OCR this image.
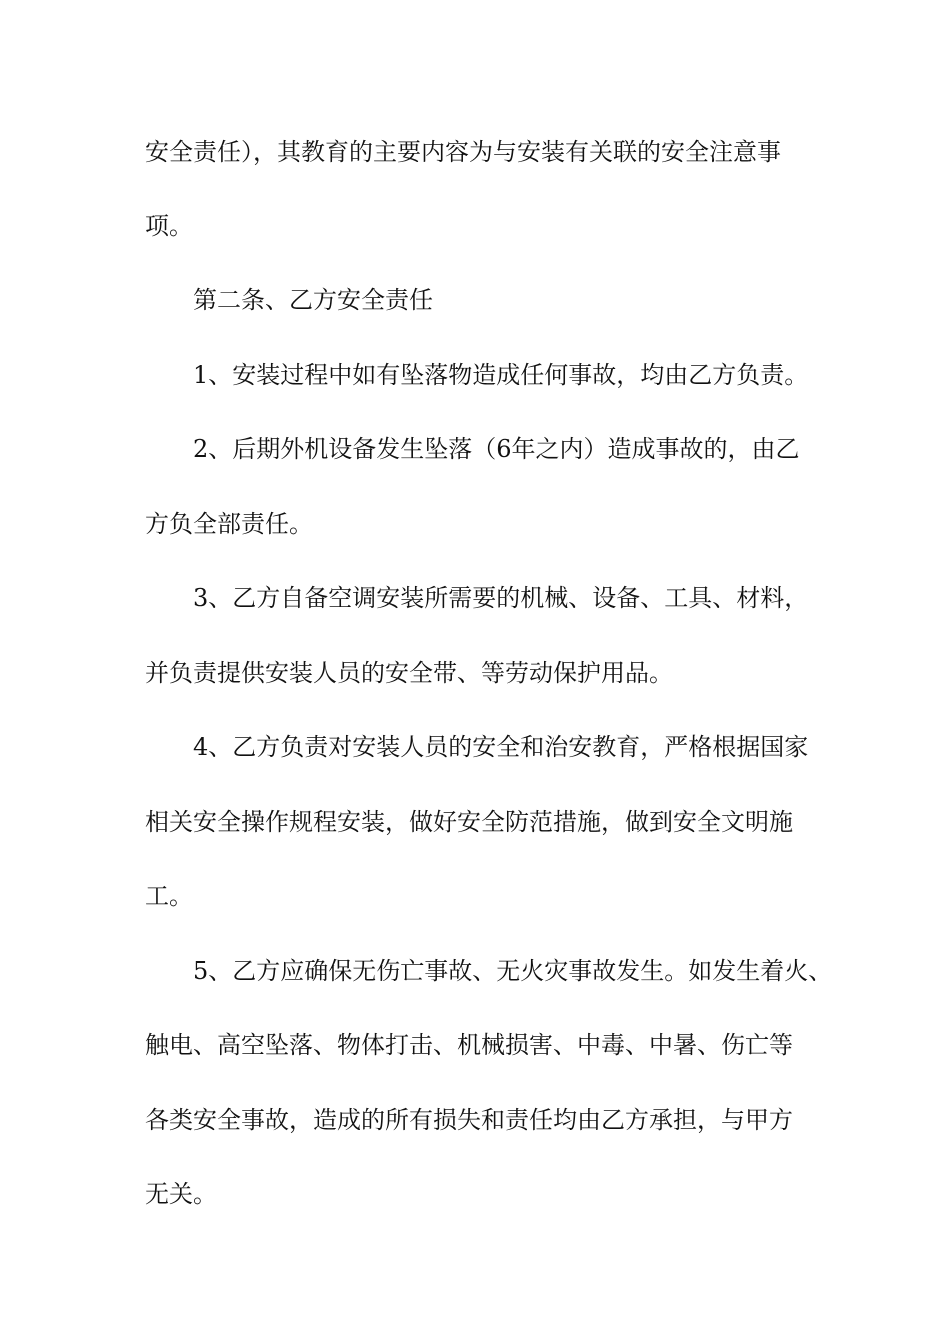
安全责任），其教育的主要内容为与安装有关联的安全注意事
项。
第二条、乙方安全责任
1、安装过程中如有坠落物造成任何事故，均由乙方负责。
2、后期外机设备发生坠落（6年之内）造成事故的，由乙
方负全部责任。
3、乙方自备空调安装所需要的机械、设备、工具、材料，
并负责提供安装人员的安全带、等劳动保护用品。
4、乙方负责对安装人员的安全和治安教育，严格根据国家
相关安全操作规程安装，做好安全防范措施，做到安全文明施
工。
5、乙方应确保无伤亡事故、无火灾事故发生。如发生着火、
触电、高空坠落、物体打击、机械损害、中毒、中暑、伤亡等
各类安全事故，造成的所有损失和责任均由乙方承担，与甲方
无关。
